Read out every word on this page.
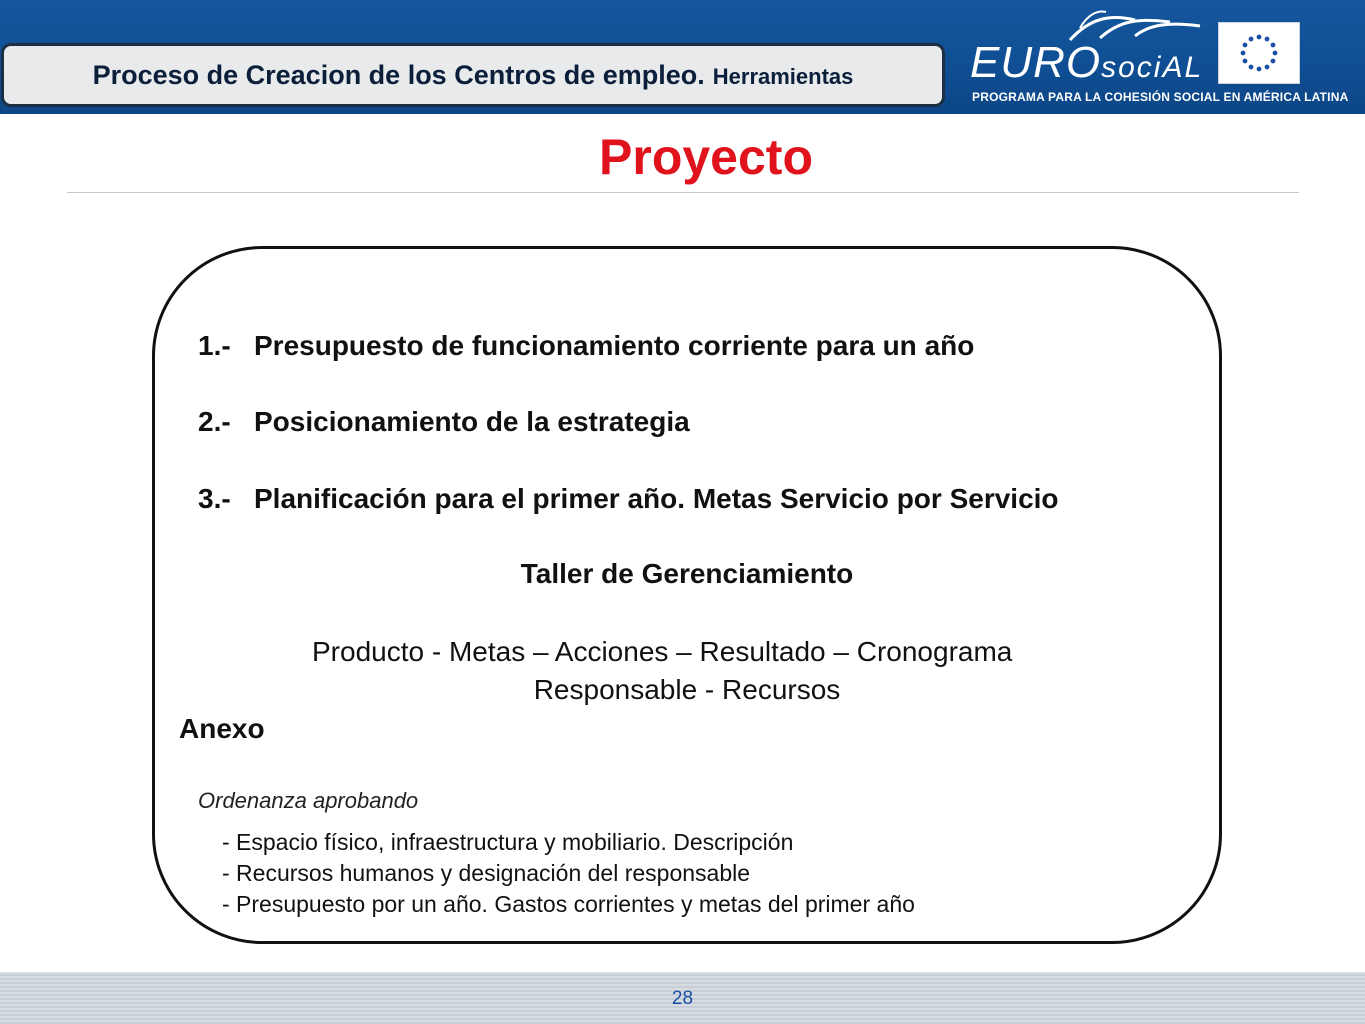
Proceso de Creacion de los Centros de empleo. Herramientas	EUROsociAL
PROGRAMA PARA LA COHESIÓN SOCIAL EN AMÉRICA LATINA
Proyecto
1.- Presupuesto de funcionamiento corriente para un año
2.- Posicionamiento de la estrategia
3.- Planificación para el primer año. Metas Servicio por Servicio
Taller de Gerenciamiento
Producto - Metas – Acciones – Resultado – Cronograma
Responsable - Recursos
Anexo
Ordenanza aprobando
- Espacio físico, infraestructura y mobiliario. Descripción
- Recursos humanos y designación del responsable
- Presupuesto por un año. Gastos corrientes y metas del primer año
28
